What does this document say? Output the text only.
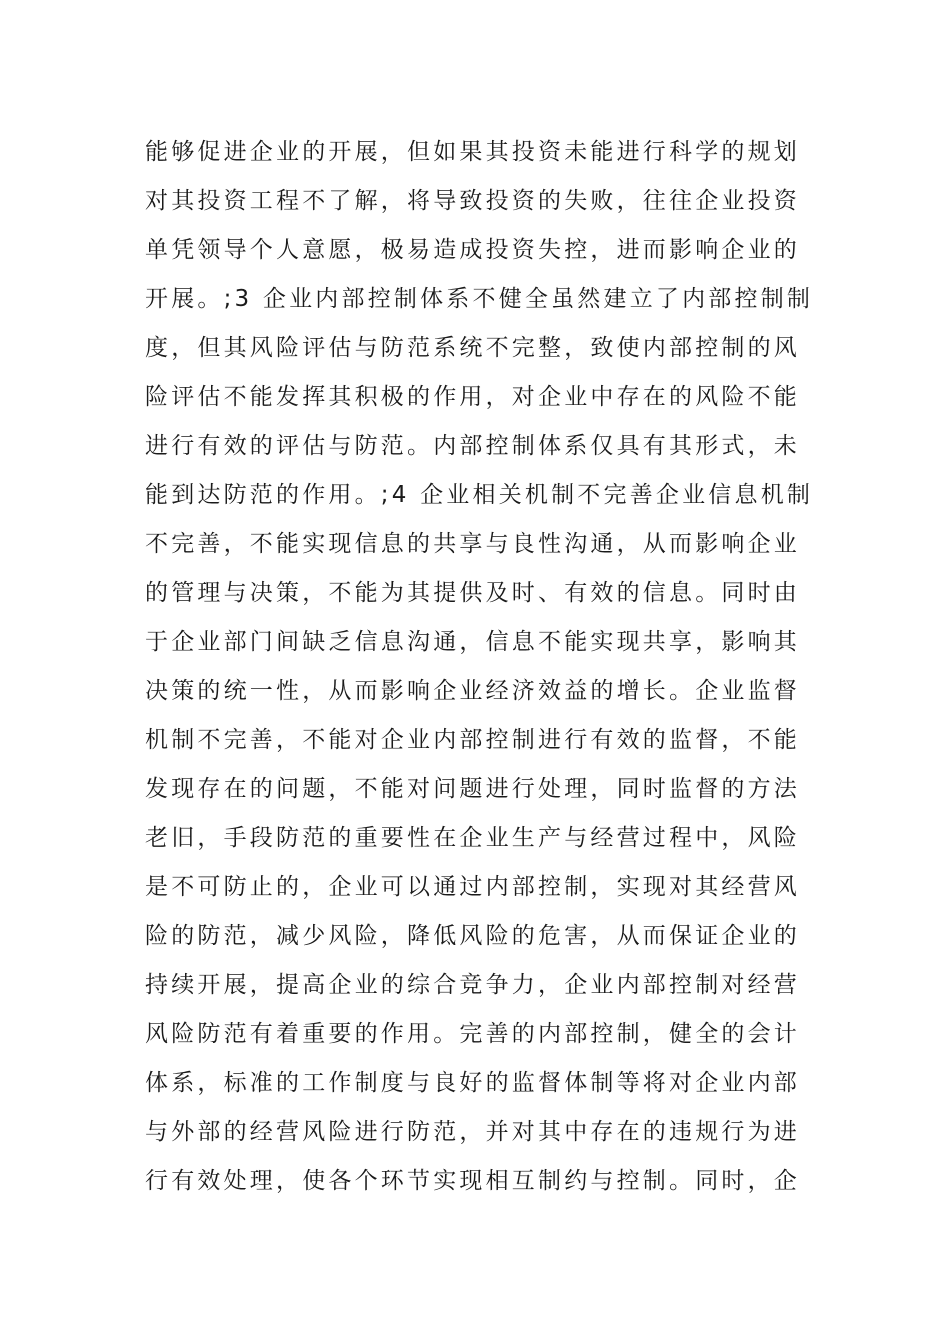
能够促进企业的开展，但如果其投资未能进行科学的规划
对其投资工程不了解，将导致投资的失败，往往企业投资
单凭领导个人意愿，极易造成投资失控，进而影响企业的
开展。;3 企业内部控制体系不健全虽然建立了内部控制制
度，但其风险评估与防范系统不完整，致使内部控制的风
险评估不能发挥其积极的作用，对企业中存在的风险不能
进行有效的评估与防范。内部控制体系仅具有其形式，未
能到达防范的作用。;4 企业相关机制不完善企业信息机制
不完善，不能实现信息的共享与良性沟通，从而影响企业
的管理与决策，不能为其提供及时、有效的信息。同时由
于企业部门间缺乏信息沟通，信息不能实现共享，影响其
决策的统一性，从而影响企业经济效益的增长。企业监督
机制不完善，不能对企业内部控制进行有效的监督，不能
发现存在的问题，不能对问题进行处理，同时监督的方法
老旧，手段防范的重要性在企业生产与经营过程中，风险
是不可防止的，企业可以通过内部控制，实现对其经营风
险的防范，减少风险，降低风险的危害，从而保证企业的
持续开展，提高企业的综合竞争力，企业内部控制对经营
风险防范有着重要的作用。完善的内部控制，健全的会计
体系，标准的工作制度与良好的监督体制等将对企业内部
与外部的经营风险进行防范，并对其中存在的违规行为进
行有效处理，使各个环节实现相互制约与控制。同时，企
